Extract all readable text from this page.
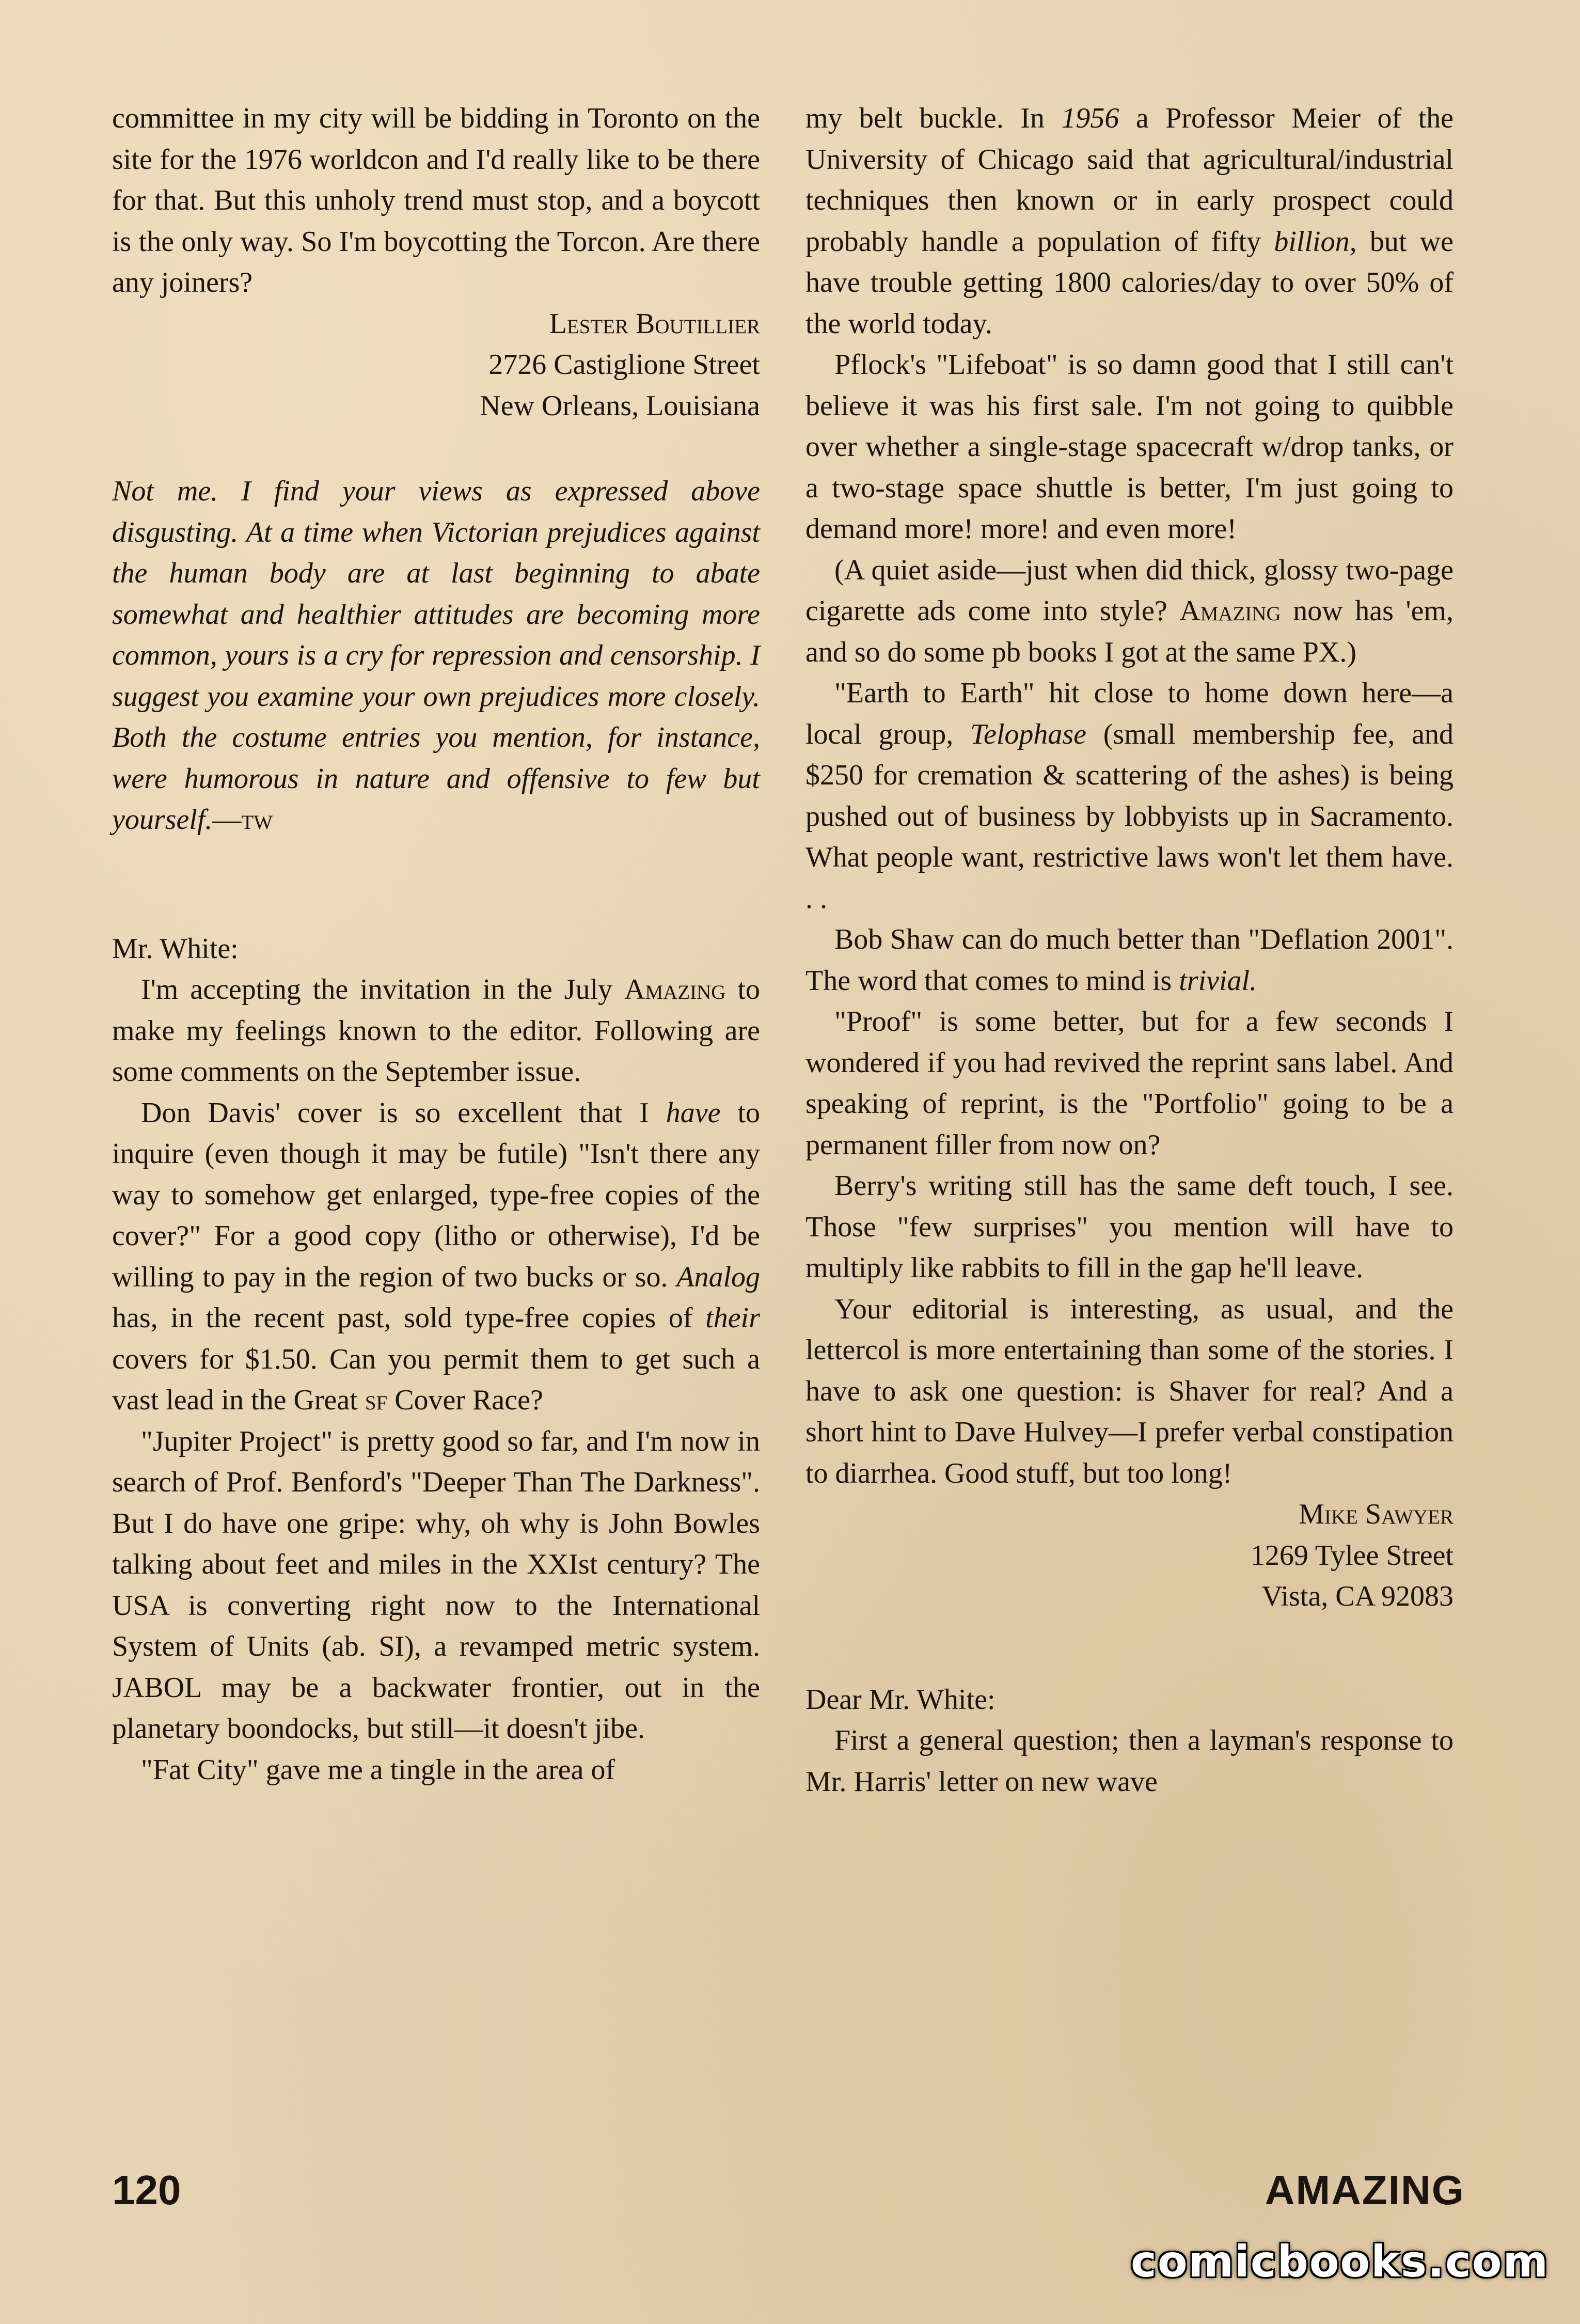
committee in my city will be bidding in Toronto on the site for the 1976 worldcon and I'd really like to be there for that. But this unholy trend must stop, and a boycott is the only way. So I'm boycotting the Torcon. Are there any joiners?

Lester Boutillier

2726 Castiglione Street

New Orleans, Louisiana

Not me. I find your views as expressed above disgusting. At a time when Victorian prejudices against the human body are at last beginning to abate somewhat and healthier attitudes are becoming more common, yours is a cry for repression and censorship. I suggest you examine your own prejudices more closely. Both the costume entries you mention, for instance, were humorous in nature and offensive to few but yourself.—tw

Mr. White:

I'm accepting the invitation in the July Amazing to make my feelings known to the editor. Following are some comments on the September issue.

Don Davis' cover is so excellent that I have to inquire (even though it may be futile) "Isn't there any way to somehow get enlarged, type-free copies of the cover?" For a good copy (litho or otherwise), I'd be willing to pay in the region of two bucks or so. Analog has, in the recent past, sold type-free copies of their covers for $1.50. Can you permit them to get such a vast lead in the Great sf Cover Race?

"Jupiter Project" is pretty good so far, and I'm now in search of Prof. Benford's "Deeper Than The Darkness". But I do have one gripe: why, oh why is John Bowles talking about feet and miles in the XXIst century? The USA is converting right now to the International System of Units (ab. SI), a revamped metric system. JABOL may be a backwater frontier, out in the planetary boondocks, but still—it doesn't jibe.

"Fat City" gave me a tingle in the area of

my belt buckle. In 1956 a Professor Meier of the University of Chicago said that agricultural/industrial techniques then known or in early prospect could probably handle a population of fifty billion, but we have trouble getting 1800 calories/day to over 50% of the world today.

Pflock's "Lifeboat" is so damn good that I still can't believe it was his first sale. I'm not going to quibble over whether a single-stage spacecraft w/drop tanks, or a two-stage space shuttle is better, I'm just going to demand more! more! and even more!

(A quiet aside—just when did thick, glossy two-page cigarette ads come into style? Amazing now has 'em, and so do some pb books I got at the same PX.)

"Earth to Earth" hit close to home down here—a local group, Telophase (small membership fee, and $250 for cremation & scattering of the ashes) is being pushed out of business by lobbyists up in Sacramento. What people want, restrictive laws won't let them have. . .

Bob Shaw can do much better than "Deflation 2001". The word that comes to mind is trivial.

"Proof" is some better, but for a few seconds I wondered if you had revived the reprint sans label. And speaking of reprint, is the "Portfolio" going to be a permanent filler from now on?

Berry's writing still has the same deft touch, I see. Those "few surprises" you mention will have to multiply like rabbits to fill in the gap he'll leave.

Your editorial is interesting, as usual, and the lettercol is more entertaining than some of the stories. I have to ask one question: is Shaver for real? And a short hint to Dave Hulvey—I prefer verbal constipation to diarrhea. Good stuff, but too long!

Mike Sawyer

1269 Tylee Street

Vista, CA 92083

Dear Mr. White:

First a general question; then a layman's response to Mr. Harris' letter on new wave

120	AMAZING
comicbooks.com
